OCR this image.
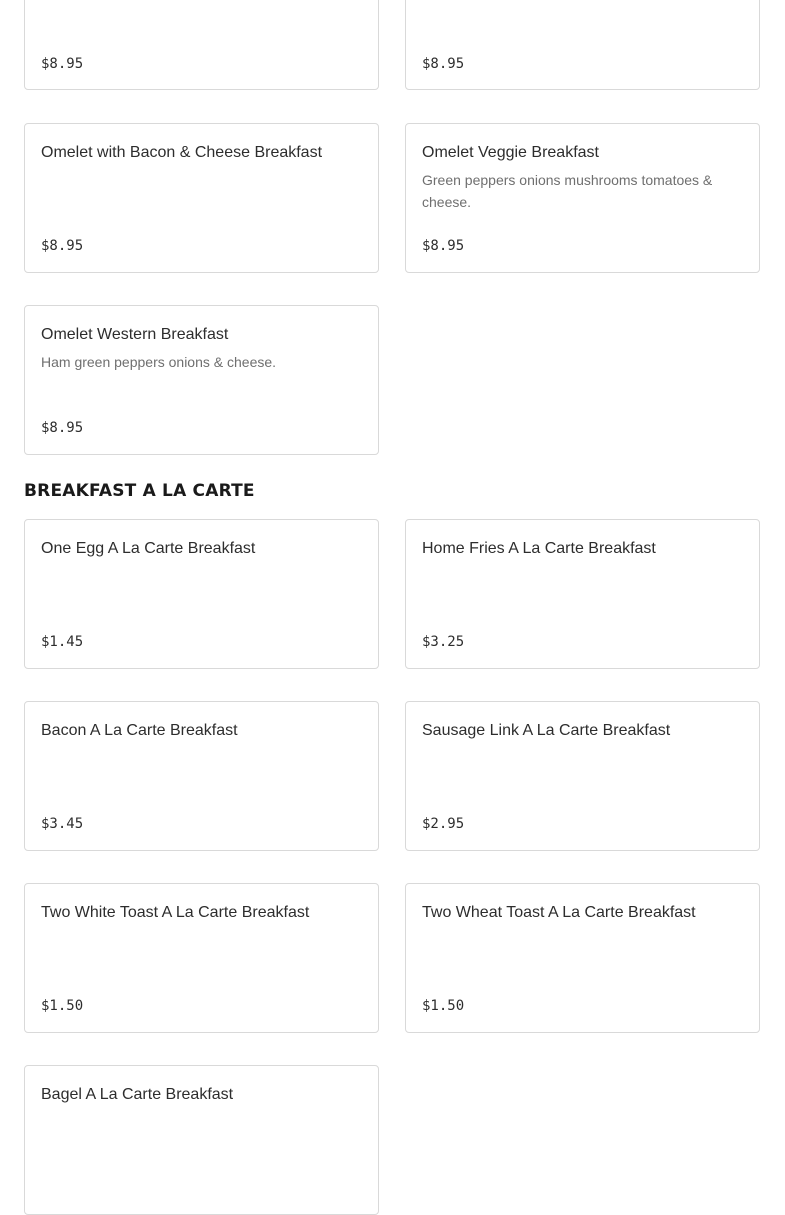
$8.95	$8.95
Omelet with Bacon & Cheese Breakfast
$8.95
Omelet Veggie Breakfast
Green peppers onions mushrooms tomatoes & cheese.
$8.95
Omelet Western Breakfast
Ham green peppers onions & cheese.
$8.95
BREAKFAST A LA CARTE
One Egg A La Carte Breakfast
$1.45
Home Fries A La Carte Breakfast
$3.25
Bacon A La Carte Breakfast
$3.45
Sausage Link A La Carte Breakfast
$2.95
Two White Toast A La Carte Breakfast
$1.50
Two Wheat Toast A La Carte Breakfast
$1.50
Bagel A La Carte Breakfast
